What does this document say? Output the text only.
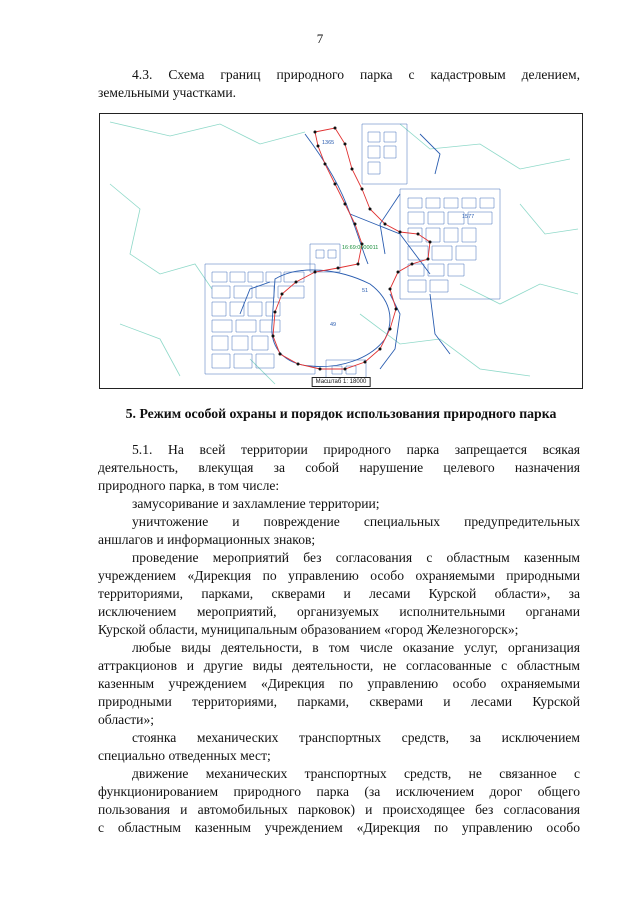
7
4.3. Схема границ природного парка с кадастровым делением,
земельными участками.
1365
49
1577
16:69:0000011
51
Масштаб 1: 18000
5. Режим особой охраны и порядок использования природного парка
5.1. На всей территории природного парка запрещается всякая
деятельность, влекущая за собой нарушение целевого назначения
природного парка, в том числе:
замусоривание и захламление территории;
уничтожение и повреждение специальных предупредительных
аншлагов и информационных знаков;
проведение мероприятий без согласования с областным казенным
учреждением «Дирекция по управлению особо охраняемыми природными
территориями, парками, скверами и лесами Курской области», за
исключением мероприятий, организуемых исполнительными органами
Курской области, муниципальным образованием «город Железногорск»;
любые виды деятельности, в том числе оказание услуг, организация
аттракционов и другие виды деятельности, не согласованные с областным
казенным учреждением «Дирекция по управлению особо охраняемыми
природными территориями, парками, скверами и лесами Курской
области»;
стоянка механических транспортных средств, за исключением
специально отведенных мест;
движение механических транспортных средств, не связанное с
функционированием природного парка (за исключением дорог общего
пользования и автомобильных парковок) и происходящее без согласования
с областным казенным учреждением «Дирекция по управлению особо
